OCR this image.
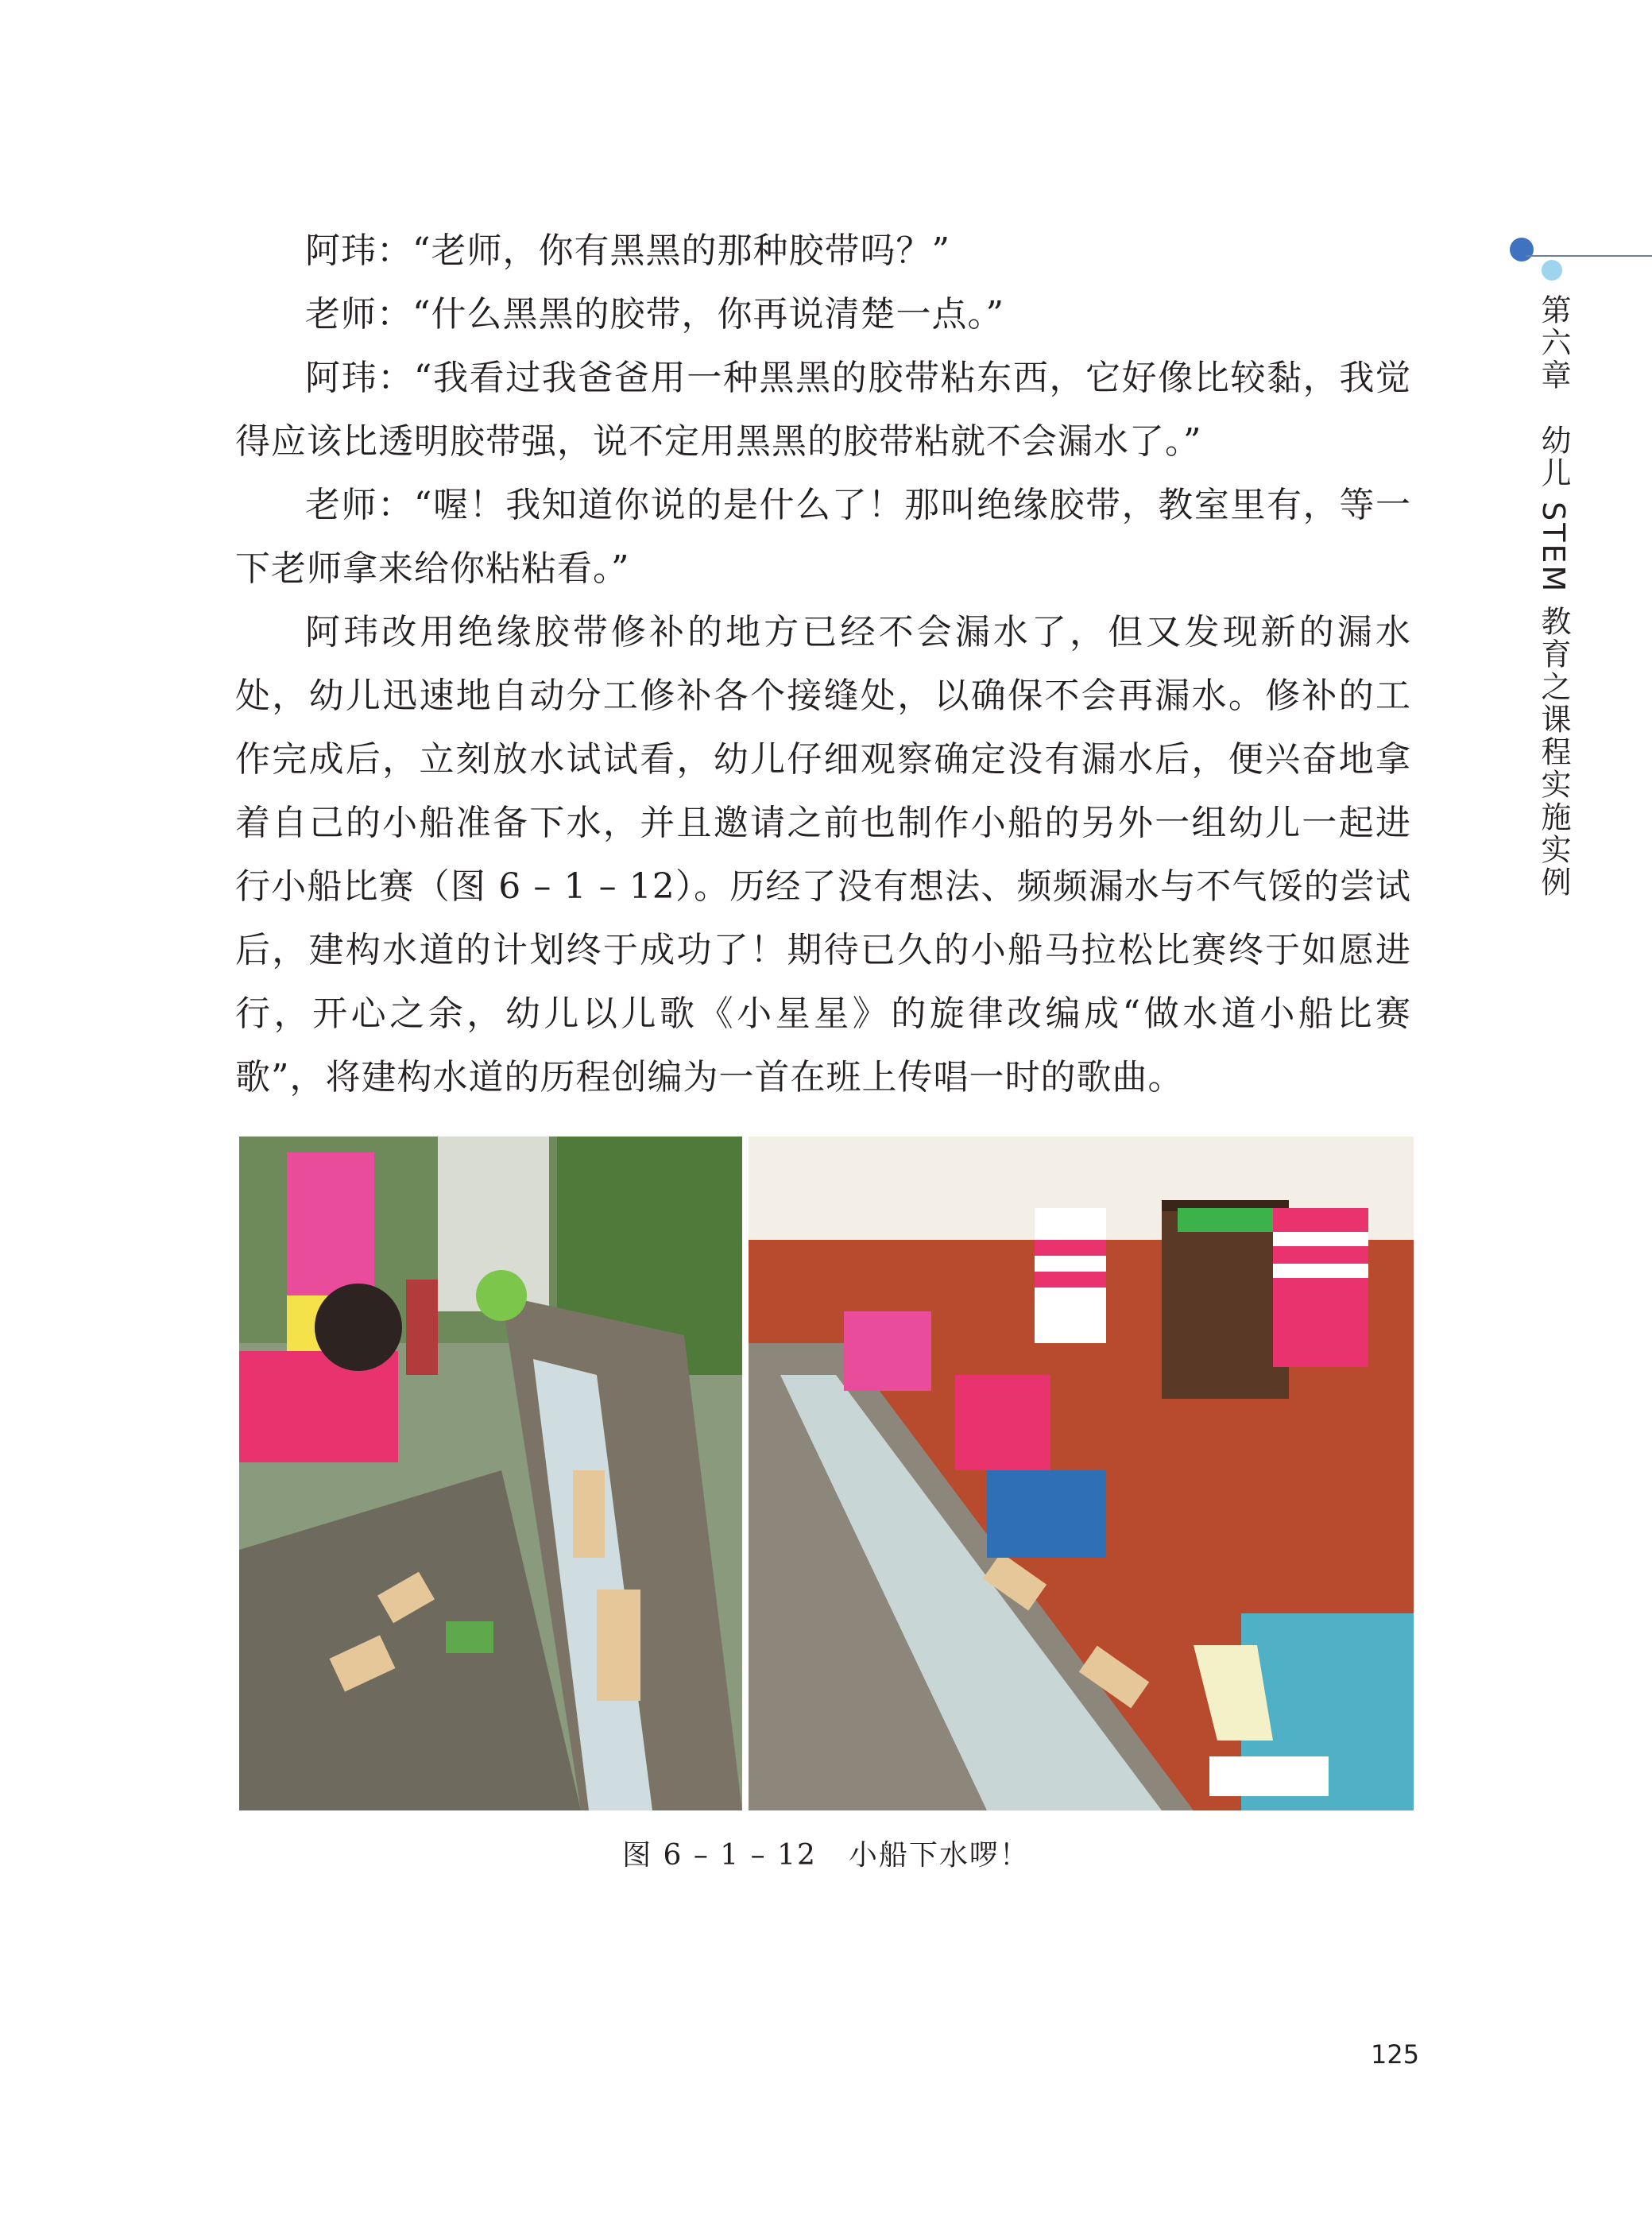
第六章　幼儿 STEM 教育之课程实施实例

阿玮：“老师，你有黑黑的那种胶带吗？”

老师：“什么黑黑的胶带，你再说清楚一点。”

阿玮：“我看过我爸爸用一种黑黑的胶带粘东西，它好像比较黏，我觉得应该比透明胶带强，说不定用黑黑的胶带粘就不会漏水了。”

老师：“喔！我知道你说的是什么了！那叫绝缘胶带，教室里有，等一下老师拿来给你粘粘看。”

阿玮改用绝缘胶带修补的地方已经不会漏水了，但又发现新的漏水处，幼儿迅速地自动分工修补各个接缝处，以确保不会再漏水。修补的工作完成后，立刻放水试试看，幼儿仔细观察确定没有漏水后，便兴奋地拿着自己的小船准备下水，并且邀请之前也制作小船的另外一组幼儿一起进行小船比赛（图 6 – 1 – 12）。历经了没有想法、频频漏水与不气馁的尝试后，建构水道的计划终于成功了！期待已久的小船马拉松比赛终于如愿进行，开心之余，幼儿以儿歌《小星星》的旋律改编成“做水道小船比赛歌”，将建构水道的历程创编为一首在班上传唱一时的歌曲。

图 6 – 1 – 12 小船下水啰！
125
